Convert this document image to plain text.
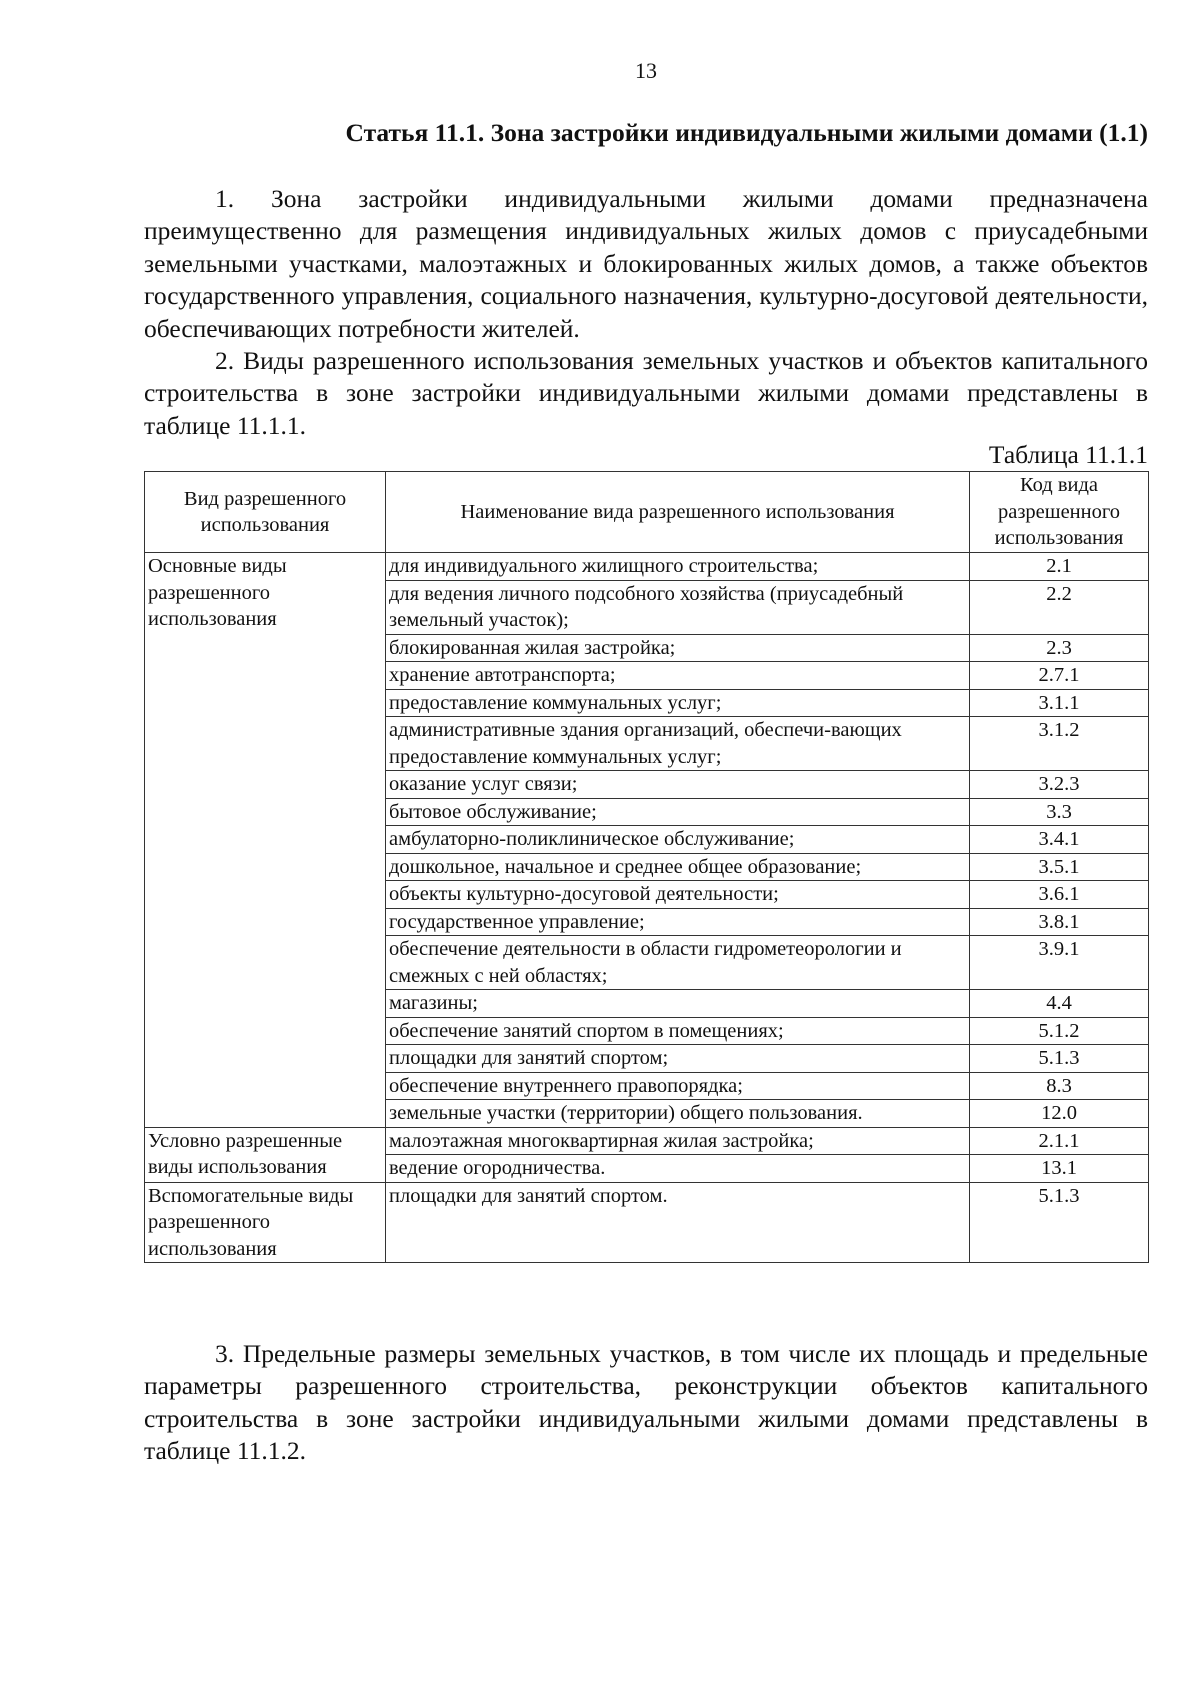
13
Статья 11.1. Зона застройки индивидуальными жилыми домами (1.1)

1. Зона застройки индивидуальными жилыми домами предназначена преимущественно для размещения индивидуальных жилых домов с приусадебными земельными участками, малоэтажных и блокированных жилых домов, а также объектов государственного управления, социального назначения, культурно-досуговой деятельности, обеспечивающих потребности жителей.

2. Виды разрешенного использования земельных участков и объектов капитального строительства в зоне застройки индивидуальными жилыми домами представлены в таблице 11.1.1.

Таблица 11.1.1
Вид разрешенного использования	Наименование вида разрешенного использования	Код вида разрешенного использования
Основные виды разрешенного использования	для индивидуального жилищного строительства;	2.1
	для ведения личного подсобного хозяйства (приусадебный земельный участок);	2.2
	блокированная жилая застройка;	2.3
	хранение автотранспорта;	2.7.1
	предоставление коммунальных услуг;	3.1.1
	административные здания организаций, обеспечи-вающих предоставление коммунальных услуг;	3.1.2
	оказание услуг связи;	3.2.3
	бытовое обслуживание;	3.3
	амбулаторно-поликлиническое обслуживание;	3.4.1
	дошкольное, начальное и среднее общее образование;	3.5.1
	объекты культурно-досуговой деятельности;	3.6.1
	государственное управление;	3.8.1
	обеспечение деятельности в области гидрометеорологии и смежных с ней областях;	3.9.1
	магазины;	4.4
	обеспечение занятий спортом в помещениях;	5.1.2
	площадки для занятий спортом;	5.1.3
	обеспечение внутреннего правопорядка;	8.3
	земельные участки (территории) общего пользования.	12.0
Условно разрешенные виды использования	малоэтажная многоквартирная жилая застройка;	2.1.1
	ведение огородничества.	13.1
Вспомогательные виды разрешенного использования	площадки для занятий спортом.	5.1.3

3. Предельные размеры земельных участков, в том числе их площадь и предельные параметры разрешенного строительства, реконструкции объектов капитального строительства в зоне застройки индивидуальными жилыми домами представлены в таблице 11.1.2.
